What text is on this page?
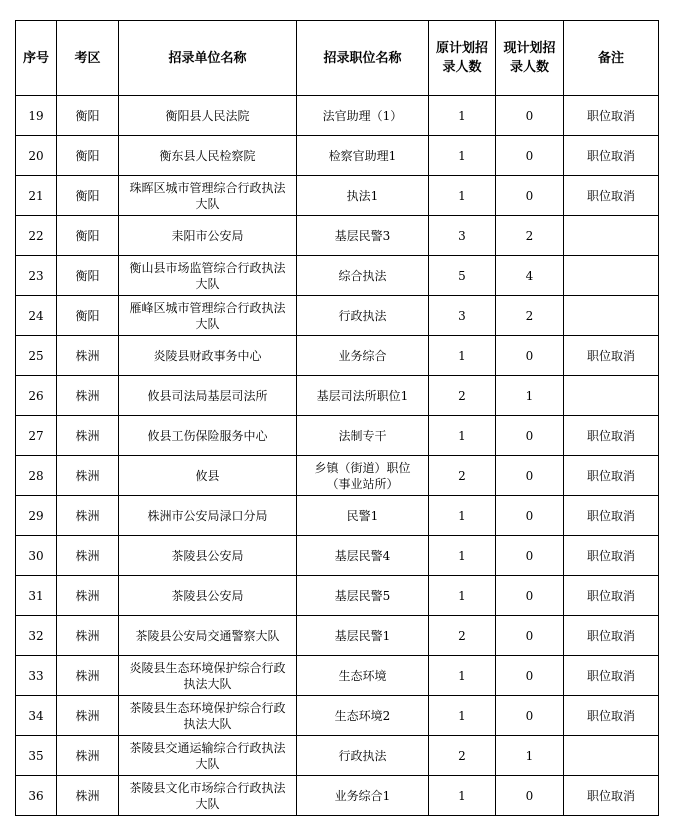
序号	考区	招录单位名称	招录职位名称	原计划招录人数	现计划招录人数	备注
19	衡阳	衡阳县人民法院	法官助理（1）	1	0	职位取消
20	衡阳	衡东县人民检察院	检察官助理1	1	0	职位取消
21	衡阳	珠晖区城市管理综合行政执法大队	执法1	1	0	职位取消
22	衡阳	耒阳市公安局	基层民警3	3	2	
23	衡阳	衡山县市场监管综合行政执法大队	综合执法	5	4	
24	衡阳	雁峰区城市管理综合行政执法大队	行政执法	3	2	
25	株洲	炎陵县财政事务中心	业务综合	1	0	职位取消
26	株洲	攸县司法局基层司法所	基层司法所职位1	2	1	
27	株洲	攸县工伤保险服务中心	法制专干	1	0	职位取消
28	株洲	攸县	乡镇（街道）职位（事业站所）	2	0	职位取消
29	株洲	株洲市公安局渌口分局	民警1	1	0	职位取消
30	株洲	茶陵县公安局	基层民警4	1	0	职位取消
31	株洲	茶陵县公安局	基层民警5	1	0	职位取消
32	株洲	茶陵县公安局交通警察大队	基层民警1	2	0	职位取消
33	株洲	炎陵县生态环境保护综合行政执法大队	生态环境	1	0	职位取消
34	株洲	茶陵县生态环境保护综合行政执法大队	生态环境2	1	0	职位取消
35	株洲	茶陵县交通运输综合行政执法大队	行政执法	2	1	
36	株洲	茶陵县文化市场综合行政执法大队	业务综合1	1	0	职位取消
